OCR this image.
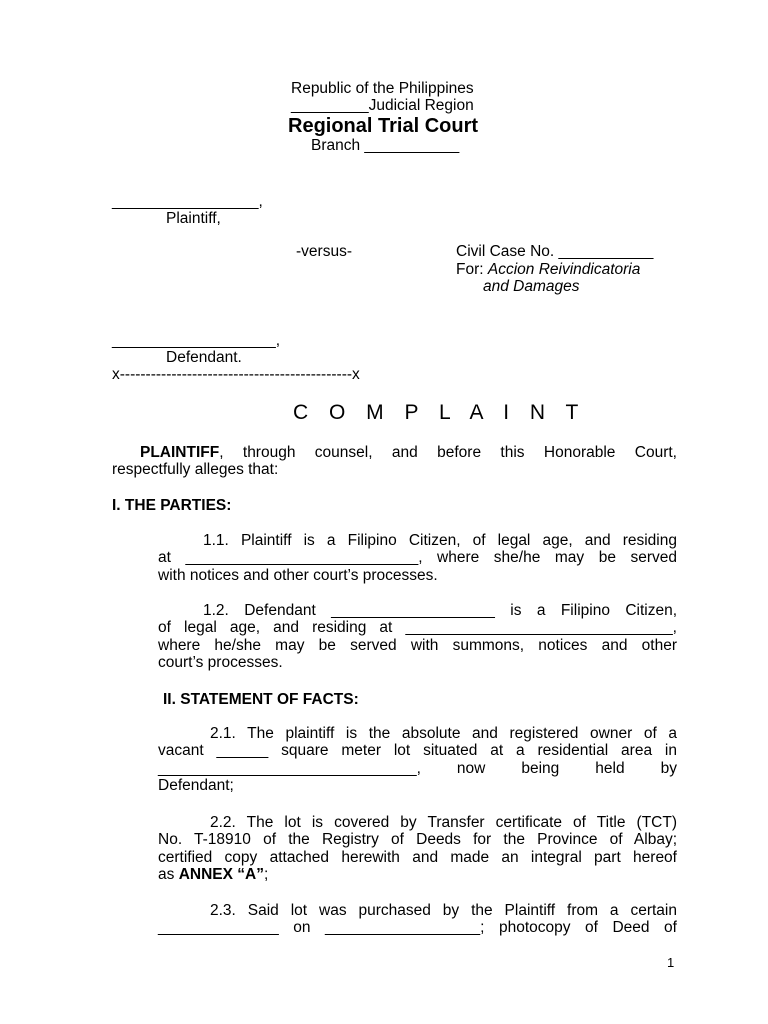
Republic of the Philippines
_________Judicial Region
Regional Trial Court
Branch ___________
_________________,
Plaintiff,
-versus-	Civil Case No. ___________
For: Accion Reivindicatoria
and Damages
___________________,
Defendant.
x---------------------------------------------x
C O M P L A I N T
PLAINTIFF, through counsel, and before this Honorable Court,
respectfully alleges that:
I. THE PARTIES:
1.1. Plaintiff is a Filipino Citizen, of legal age, and residing
at ___________________________, where she/he may be served
with notices and other court’s processes.
1.2. Defendant ___________________ is a Filipino Citizen,
of legal age, and residing at _______________________________,
where he/she may be served with summons, notices and other
court’s processes.
II. STATEMENT OF FACTS:
2.1. The plaintiff is the absolute and registered owner of a
vacant ______ square meter lot situated at a residential area in
______________________________, now being held by
Defendant;
2.2. The lot is covered by Transfer certificate of Title (TCT)
No. T-18910 of the Registry of Deeds for the Province of Albay;
certified copy attached herewith and made an integral part hereof
as ANNEX “A”;
2.3. Said lot was purchased by the Plaintiff from a certain
______________ on __________________; photocopy of Deed of
1
